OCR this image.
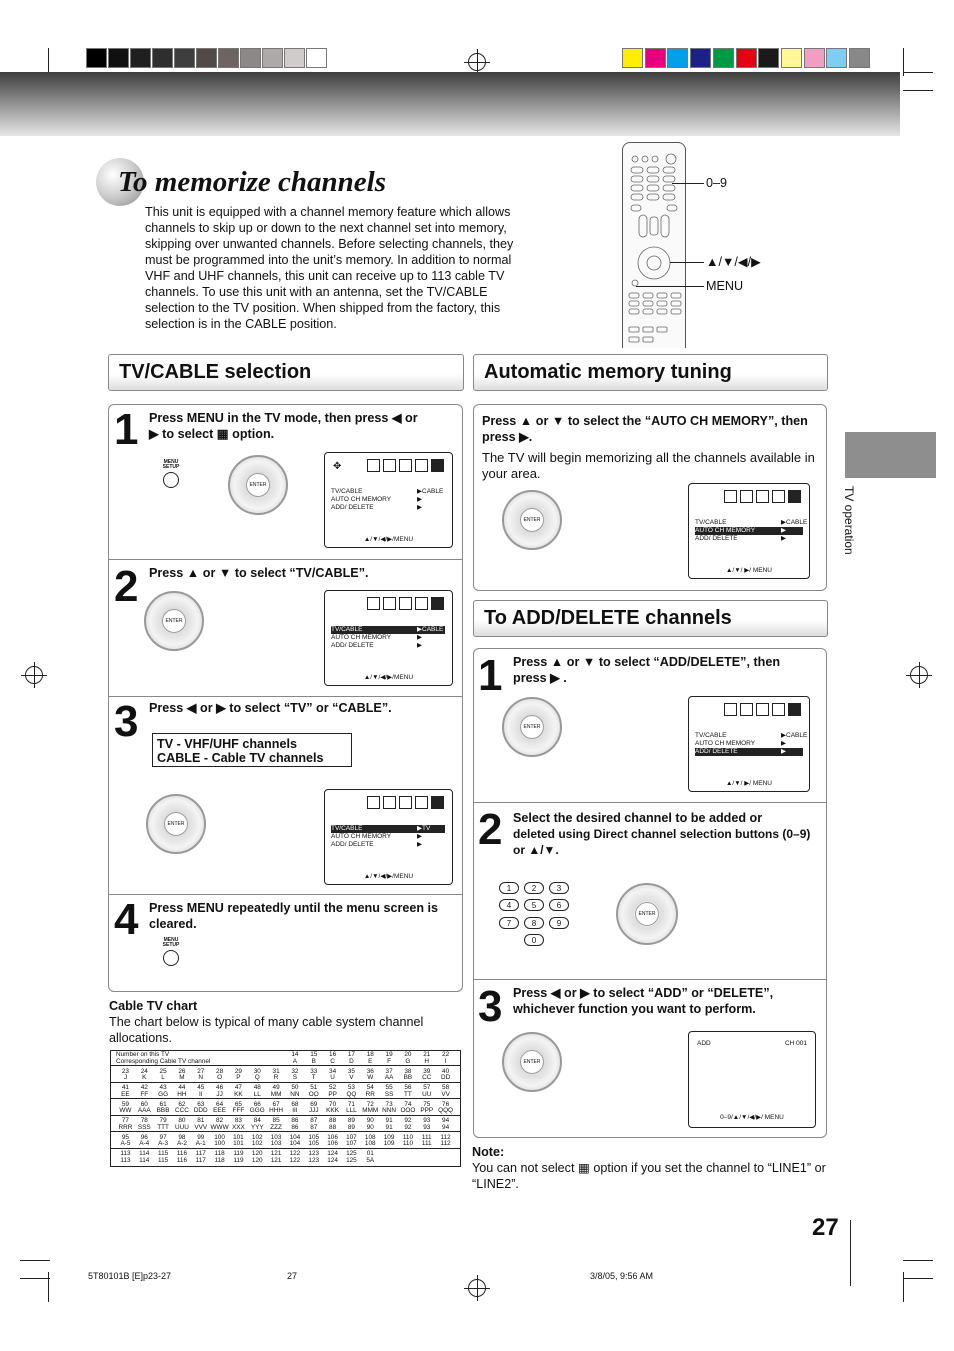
To memorize channels
This unit is equipped with a channel memory feature which allows channels to skip up or down to the next channel set into memory, skipping over unwanted channels. Before selecting channels, they must be programmed into the unit’s memory. In addition to normal VHF and UHF channels, this unit can receive up to 113 cable TV channels. To use this unit with an antenna, set the TV/CABLE selection to the TV position. When shipped from the factory, this selection is in the CABLE position.
0–9
▲/▼/◀/▶
MENU
TV/CABLE selection	Automatic memory tuning
To ADD/DELETE channels
1 Press MENU in the TV mode, then press ◀ or
▶ to select ▦ option.
MENU
SETUP
ENTER
✥
TV/CABLE	▶CABLE
AUTO CH MEMORY	▶
ADD/ DELETE	▶
▲/▼/◀/▶/MENU
2 Press ▲ or ▼ to select “TV/CABLE”.
ENTER
TV/CABLE	▶CABLE
AUTO CH MEMORY	▶
ADD/ DELETE	▶
▲/▼/◀/▶/MENU
3 Press ◀ or ▶ to select “TV” or “CABLE”.
TV - VHF/UHF channels
CABLE - Cable TV channels
ENTER
TV/CABLE	▶TV
AUTO CH MEMORY	▶
ADD/ DELETE	▶
▲/▼/◀/▶/MENU
4 Press MENU repeatedly until the menu screen is cleared.
MENU
SETUP
Cable TV chart
The chart below is typical of many cable system channel allocations.
Number on this TV
Corresponding Cable TV channel
14	15	16	17	18	19	20	21	22
A	B	C	D	E	F	G	H	I
23	24	25	26	27	28	29	30	31	32	33	34	35	36	37	38	39	40
J	K	L	M	N	O	P	Q	R	S	T	U	V	W	AA	BB	CC	DD
41	42	43	44	45	46	47	48	49	50	51	52	53	54	55	56	57	58
EE	FF	GG	HH	II	JJ	KK	LL	MM	NN	OO	PP	QQ	RR	SS	TT	UU	VV
59	60	61	62	63	64	65	66	67	68	69	70	71	72	73	74	75	76
WW AAA BBB CCC DDD EEE	FFF GGG HHH	III	JJJ	KKK	LLL MMM NNN OOO PPP QQQ
77	78	79	80	81	82	83	84	85	86	87	88	89	90	91	92	93	94
RRR SSS	TTT UUU VVV WWW XXX YYY	ZZZ	86	87	88	89	90	91	92	93	94
95	96	97	98	99	100	101	102	103	104	105	106	107	108	109	110	111	112
A-5	A-4	A-3	A-2	A-1	100	101	102	103	104	105	106	107	108	109	110	111	112
113	114	115	116	117	118	119	120	121	122	123	124	125	01
113	114	115	116	117	118	119	120	121	122	123	124	125	5A
Press ▲ or ▼ to select the “AUTO CH MEMORY”, then press ▶.
The TV will begin memorizing all the channels available in your area.
ENTER	TV/CABLE	▶CABLE
AUTO CH MEMORY	▶
ADD/ DELETE	▶
▲/▼/ ▶/ MENU
1 Press ▲ or ▼ to select “ADD/DELETE”, then press ▶ .
ENTER
TV/CABLE	▶CABLE
AUTO CH MEMORY	▶
ADD/ DELETE	▶
▲/▼/ ▶/ MENU
2 Select the desired channel to be added or
deleted using Direct channel selection buttons (0–9) or ▲/▼.
1	2	3
4	5	6
7	8	9
0
ENTER
3 Press ◀ or ▶ to select “ADD” or “DELETE”, whichever function you want to perform.
ENTER
ADD	CH 001
0–9/▲/▼/◀/▶/ MENU
Note:
You can not select ▦ option if you set the channel to “LINE1” or “LINE2”.
TV operation
27
5T80101B [E]p23-27	27	3/8/05, 9:56 AM
